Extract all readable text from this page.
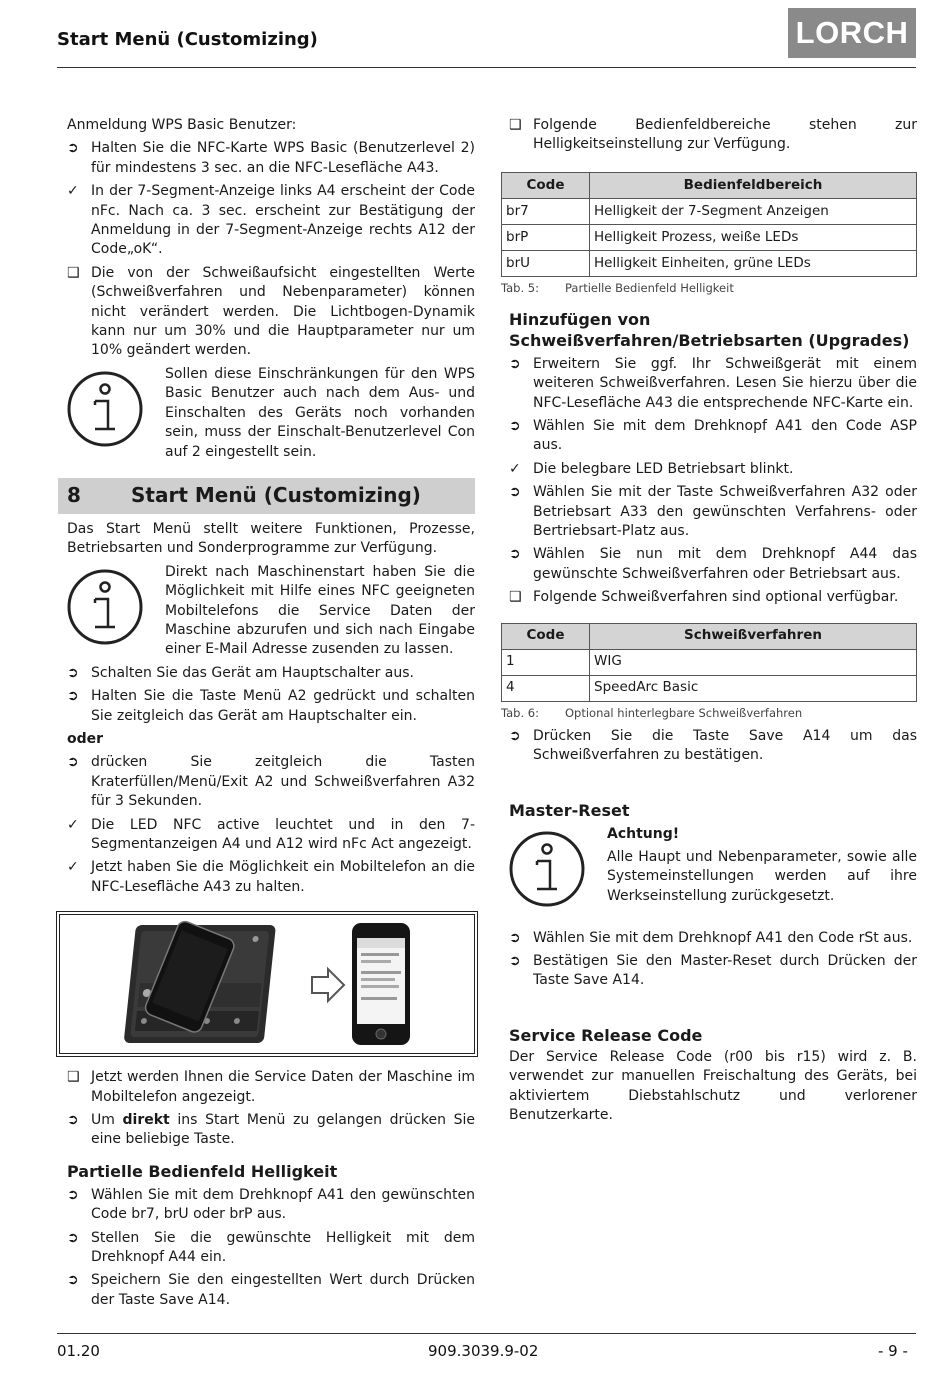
Start Menü (Customizing)	LORCH

Anmeldung WPS Basic Benutzer:

➲ Halten Sie die NFC-Karte WPS Basic (Benutzerlevel 2) für mindestens 3 sec. an die NFC-Lesefläche A43.
✓ In der 7-Segment-Anzeige links A4 erscheint der Code nFc. Nach ca. 3 sec. erscheint zur Bestätigung der Anmeldung in der 7-Segment-Anzeige rechts A12 der Code„oK“.
❑ Die von der Schweißaufsicht eingestellten Werte (Schweißverfahren und Nebenparameter) können nicht verändert werden. Die Lichtbogen-Dynamik kann nur um 30% und die Hauptparameter nur um 10% geändert werden.

Sollen diese Einschränkungen für den WPS Basic Benutzer auch nach dem Aus- und Einschalten des Geräts noch vorhanden sein, muss der Einschalt-Benutzerlevel Con auf 2 eingestellt sein.

8	Start Menü (Customizing)

Das Start Menü stellt weitere Funktionen, Prozesse, Betriebsarten und Sonderprogramme zur Verfügung.

Direkt nach Maschinenstart haben Sie die Möglichkeit mit Hilfe eines NFC geeigneten Mobiltelefons die Service Daten der Maschine abzurufen und sich nach Eingabe einer E-Mail Adresse zusenden zu lassen.

➲ Schalten Sie das Gerät am Hauptschalter aus.
➲ Halten Sie die Taste Menü A2 gedrückt und schalten Sie zeitgleich das Gerät am Hauptschalter ein.

oder

➲ drücken Sie zeitgleich die Tasten Kraterfüllen/Menü/Exit A2 und Schweißverfahren A32 für 3 Sekunden.
✓ Die LED NFC active leuchtet und in den 7-Segmentanzeigen A4 und A12 wird nFc Act angezeigt.
✓ Jetzt haben Sie die Möglichkeit ein Mobiltelefon an die NFC-Lesefläche A43 zu halten.
❑ Jetzt werden Ihnen die Service Daten der Maschine im Mobiltelefon angezeigt.
➲ Um direkt ins Start Menü zu gelangen drücken Sie eine beliebige Taste.
Partielle Bedienfeld Helligkeit
➲ Wählen Sie mit dem Drehknopf A41 den gewünschten Code br7, brU oder brP aus.
➲ Stellen Sie die gewünschte Helligkeit mit dem Drehknopf A44 ein.
➲ Speichern Sie den eingestellten Wert durch Drücken der Taste Save A14.
❑ Folgende Bedienfeldbereiche stehen zur Helligkeitseinstellung zur Verfügung.
Code	Bedienfeldbereich
br7	Helligkeit der 7-Segment Anzeigen
brP	Helligkeit Prozess, weiße LEDs
brU	Helligkeit Einheiten, grüne LEDs
Tab. 5:	Partielle Bedienfeld Helligkeit
Hinzufügen von Schweißverfahren/Betriebsarten (Upgrades)
➲ Erweitern Sie ggf. Ihr Schweißgerät mit einem weiteren Schweißverfahren. Lesen Sie hierzu über die NFC-Lesefläche A43 die entsprechende NFC-Karte ein.
➲ Wählen Sie mit dem Drehknopf A41 den Code ASP aus.
✓ Die belegbare LED Betriebsart blinkt.
➲ Wählen Sie mit der Taste Schweißverfahren A32 oder Betriebsart A33 den gewünschten Verfahrens- oder Bertriebsart-Platz aus.
➲ Wählen Sie nun mit dem Drehknopf A44 das gewünschte Schweißverfahren oder Betriebsart aus.
❑ Folgende Schweißverfahren sind optional verfügbar.
Code	Schweißverfahren
1	WIG
4	SpeedArc Basic
Tab. 6:	Optional hinterlegbare Schweißverfahren
➲ Drücken Sie die Taste Save A14 um das Schweißverfahren zu bestätigen.
Master-Reset

Achtung!

Alle Haupt und Nebenparameter, sowie alle Systemeinstellungen werden auf ihre Werkseinstellung zurückgesetzt.

➲ Wählen Sie mit dem Drehknopf A41 den Code rSt aus.
➲ Bestätigen Sie den Master-Reset durch Drücken der Taste Save A14.
Service Release Code

Der Service Release Code (r00 bis r15) wird z. B. verwendet zur manuellen Freischaltung des Geräts, bei aktiviertem Diebstahlschutz und verlorener Benutzerkarte.

01.20	909.3039.9-02	- 9 -
